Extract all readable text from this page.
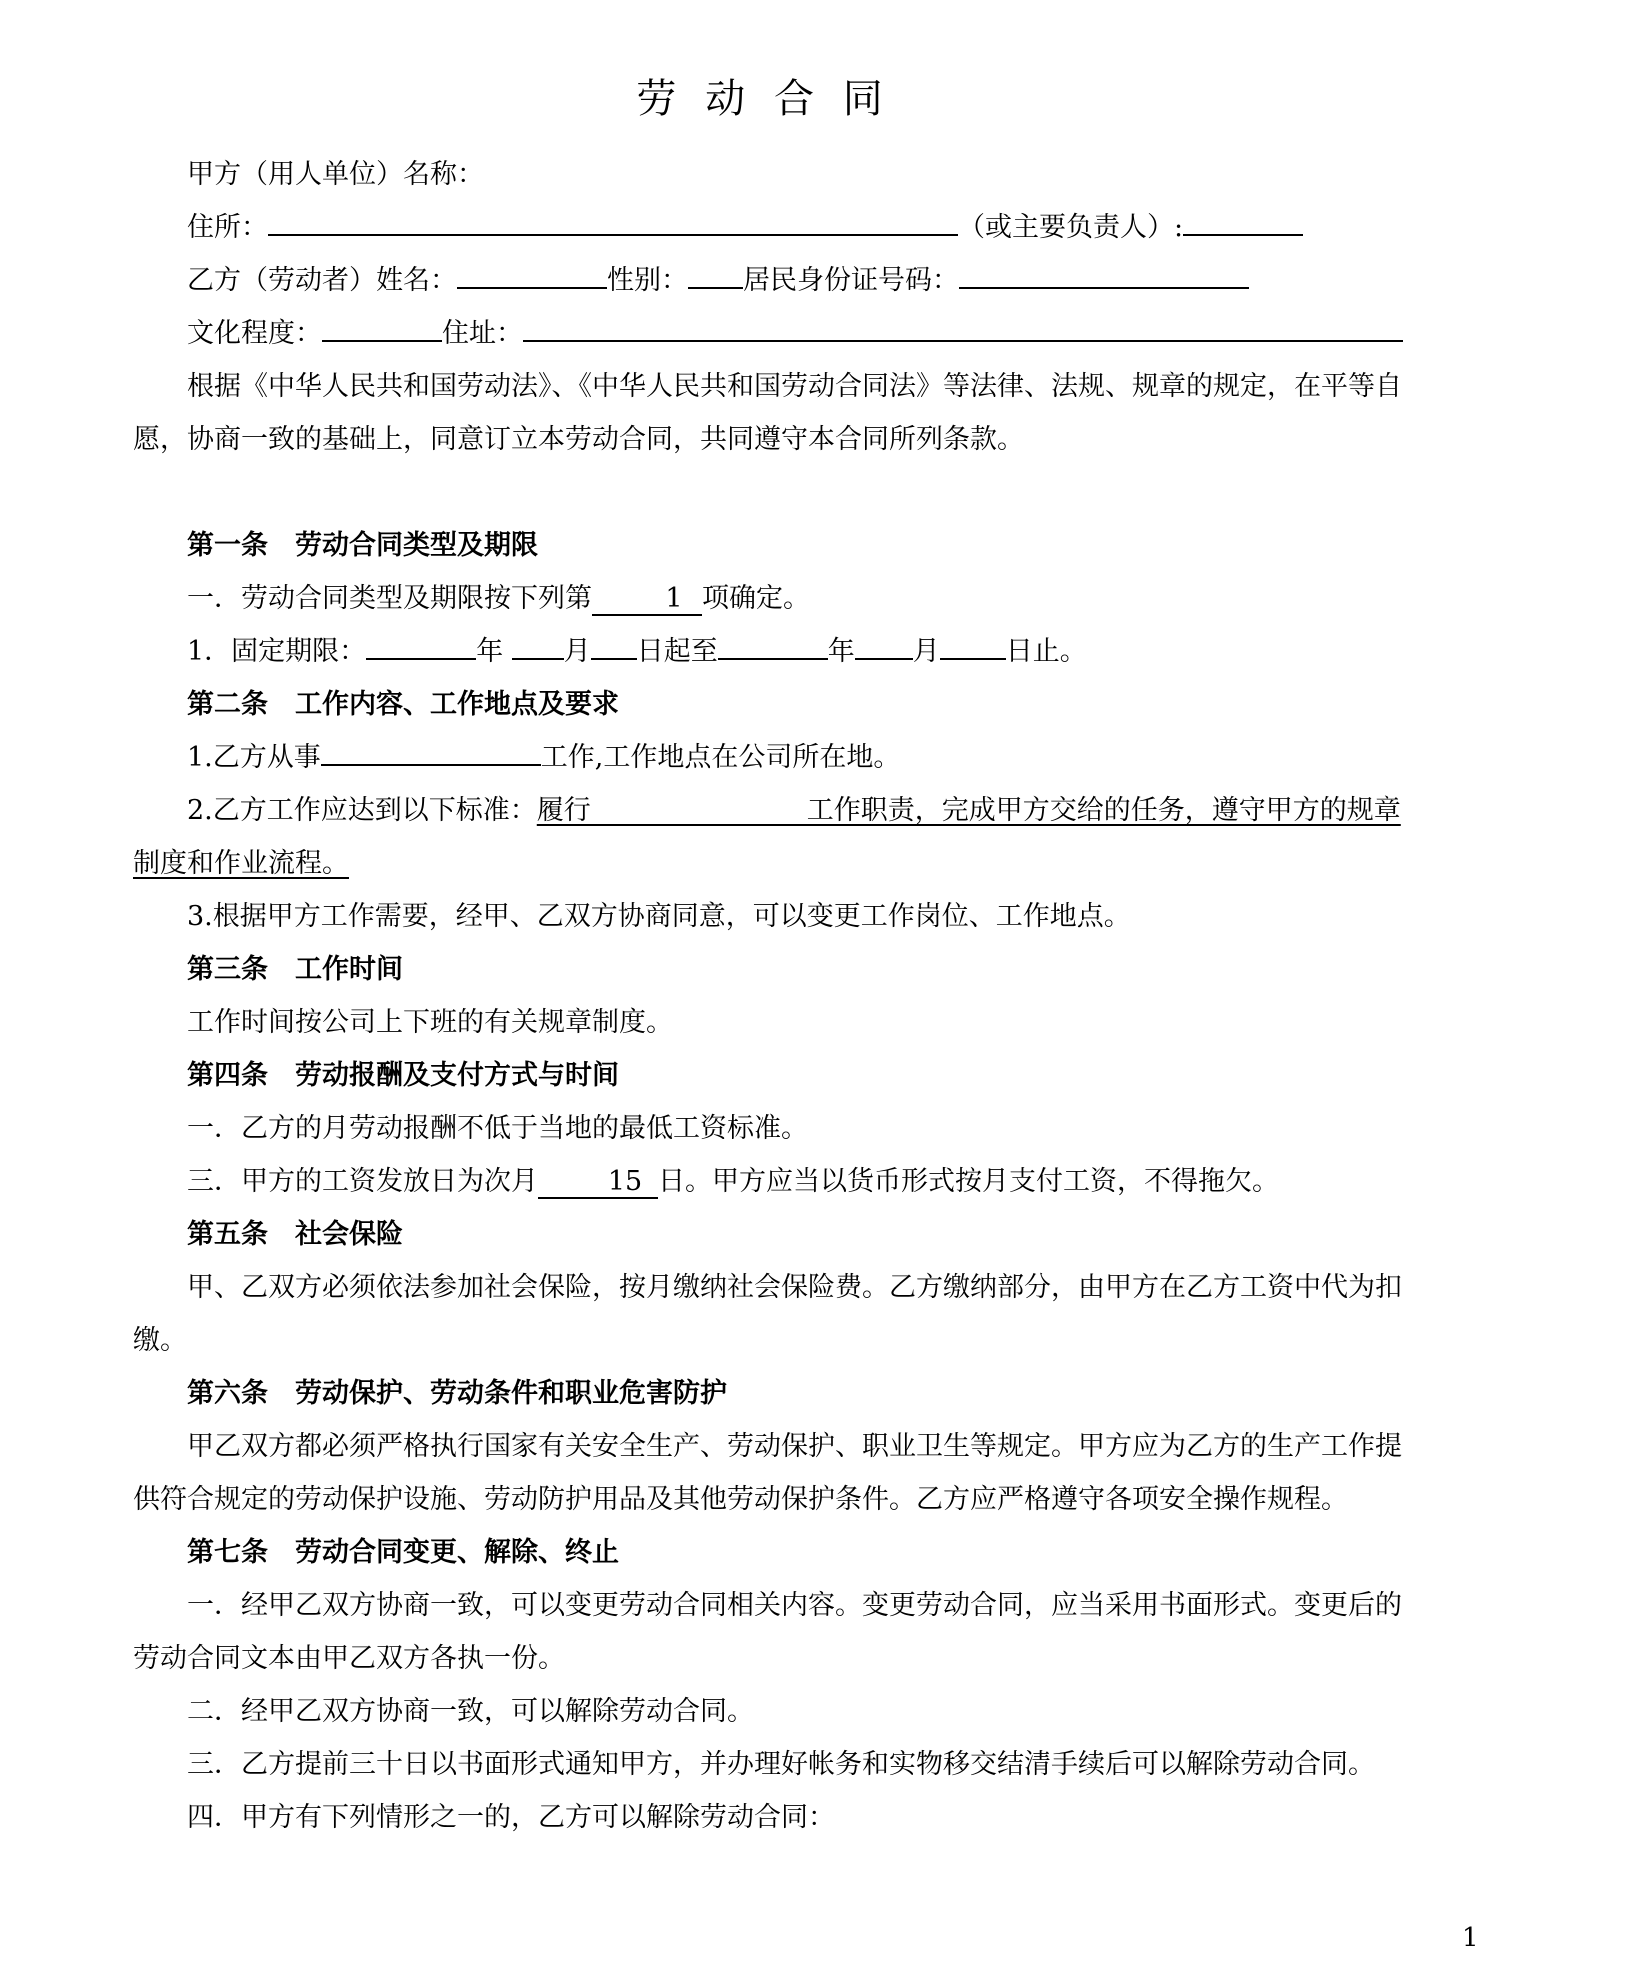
劳动合同
甲方（用人单位）名称：
住所：	（或主要负责人）:
乙方（劳动者）姓名：	性别： 居民身份证号码：
文化程度：	住址：
根据《中华人民共和国劳动法》、《中华人民共和国劳动合同法》等法律、法规、规章的规定，在平等自
愿，协商一致的基础上，同意订立本劳动合同，共同遵守本合同所列条款。
第一条　劳动合同类型及期限
一．劳动合同类型及期限按下列第	1 项确定。
1．固定期限：	年 月 日起至	年 月 日止。
第二条　工作内容、工作地点及要求
1.乙方从事	工作,工作地点在公司所在地。
2.乙方工作应达到以下标准：履行　　　　　　　　工作职责，完成甲方交给的任务，遵守甲方的规章
制度和作业流程。
3.根据甲方工作需要，经甲、乙双方协商同意，可以变更工作岗位、工作地点。
第三条　工作时间
工作时间按公司上下班的有关规章制度。
第四条　劳动报酬及支付方式与时间
一．乙方的月劳动报酬不低于当地的最低工资标准。
三．甲方的工资发放日为次月	15 日。甲方应当以货币形式按月支付工资，不得拖欠。
第五条　社会保险
甲、乙双方必须依法参加社会保险，按月缴纳社会保险费。乙方缴纳部分，由甲方在乙方工资中代为扣
缴。
第六条　劳动保护、劳动条件和职业危害防护
甲乙双方都必须严格执行国家有关安全生产、劳动保护、职业卫生等规定。甲方应为乙方的生产工作提
供符合规定的劳动保护设施、劳动防护用品及其他劳动保护条件。乙方应严格遵守各项安全操作规程。
第七条　劳动合同变更、解除、终止
一．经甲乙双方协商一致，可以变更劳动合同相关内容。变更劳动合同，应当采用书面形式。变更后的
劳动合同文本由甲乙双方各执一份。
二．经甲乙双方协商一致，可以解除劳动合同。
三．乙方提前三十日以书面形式通知甲方，并办理好帐务和实物移交结清手续后可以解除劳动合同。
四．甲方有下列情形之一的，乙方可以解除劳动合同：
1
